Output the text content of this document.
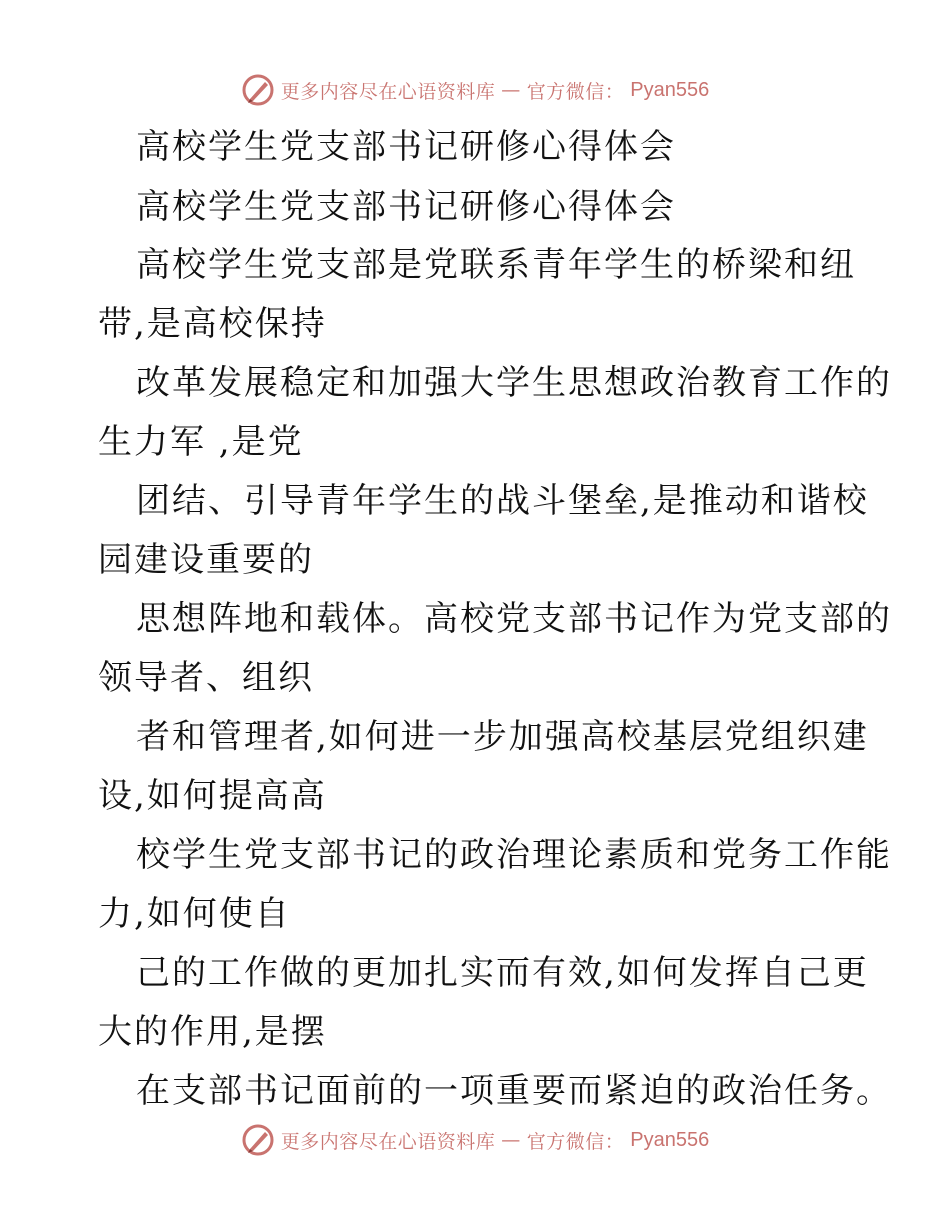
更多内容尽在心语资料库 — 官方微信： Pyan556
高校学生党支部书记研修心得体会
高校学生党支部书记研修心得体会
高校学生党支部是党联系青年学生的桥梁和纽
带,是高校保持
改革发展稳定和加强大学生思想政治教育工作的
生力军 ,是党
团结、引导青年学生的战斗堡垒,是推动和谐校
园建设重要的
思想阵地和载体。高校党支部书记作为党支部的
领导者、组织
者和管理者,如何进一步加强高校基层党组织建
设,如何提高高
校学生党支部书记的政治理论素质和党务工作能
力,如何使自
己的工作做的更加扎实而有效,如何发挥自己更
大的作用,是摆
在支部书记面前的一项重要而紧迫的政治任务。
更多内容尽在心语资料库 — 官方微信： Pyan556
